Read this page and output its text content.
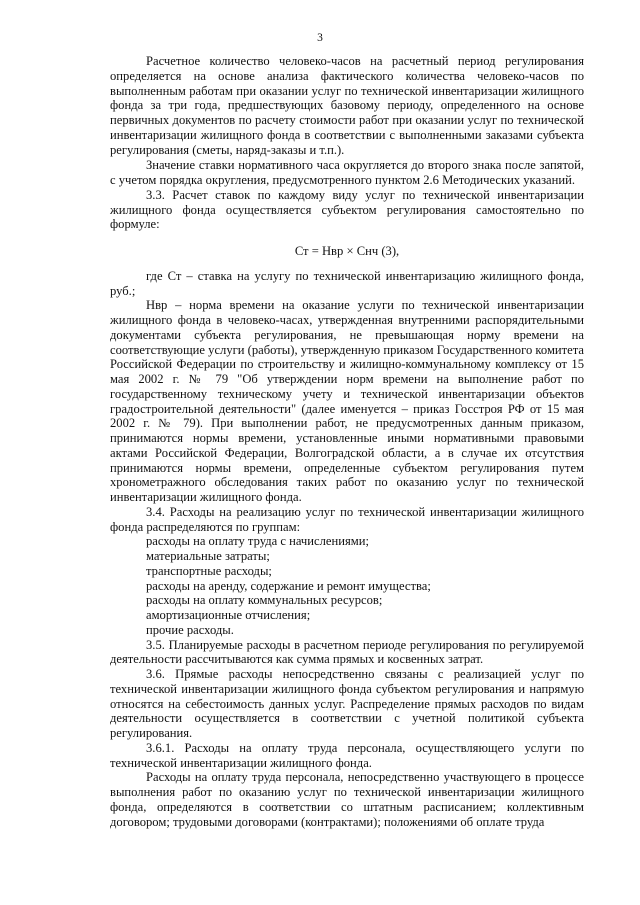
3

Расчетное количество человеко-часов на расчетный период регулирования определяется на основе анализа фактического количества человеко-часов по выполненным работам при оказании услуг по технической инвентаризации жилищного фонда за три года, предшествующих базовому периоду, определенного на основе первичных документов по расчету стоимости работ при оказании услуг по технической инвентаризации жилищного фонда в соответствии с выполненными заказами субъекта регулирования (сметы, наряд-заказы и т.п.).

Значение ставки нормативного часа округляется до второго знака после запятой, с учетом порядка округления, предусмотренного пунктом 2.6 Методических указаний.

3.3. Расчет ставок по каждому виду услуг по технической инвентаризации жилищного фонда осуществляется субъектом регулирования самостоятельно по формуле:

Ст = Нвр × Снч (3),

где Ст – ставка на услугу по технической инвентаризацию жилищного фонда, руб.;

Нвр – норма времени на оказание услуги по технической инвентаризации жилищного фонда в человеко-часах, утвержденная внутренними распорядительными документами субъекта регулирования, не превышающая норму времени на соответствующие услуги (работы), утвержденную приказом Государственного комитета Российской Федерации по строительству и жилищно-коммунальному комплексу от 15 мая 2002 г. № 79 "Об утверждении норм времени на выполнение работ по государственному техническому учету и технической инвентаризации объектов градостроительной деятельности" (далее именуется – приказ Госстроя РФ от 15 мая 2002 г. № 79). При выполнении работ, не предусмотренных данным приказом, принимаются нормы времени, установленные иными нормативными правовыми актами Российской Федерации, Волгоградской области, а в случае их отсутствия принимаются нормы времени, определенные субъектом регулирования путем хронометражного обследования таких работ по оказанию услуг по технической инвентаризации жилищного фонда.

3.4. Расходы на реализацию услуг по технической инвентаризации жилищного фонда распределяются по группам:

расходы на оплату труда с начислениями;

материальные затраты;

транспортные расходы;

расходы на аренду, содержание и ремонт имущества;

расходы на оплату коммунальных ресурсов;

амортизационные отчисления;

прочие расходы.

3.5. Планируемые расходы в расчетном периоде регулирования по регулируемой деятельности рассчитываются как сумма прямых и косвенных затрат.

3.6. Прямые расходы непосредственно связаны с реализацией услуг по технической инвентаризации жилищного фонда субъектом регулирования и напрямую относятся на себестоимость данных услуг. Распределение прямых расходов по видам деятельности осуществляется в соответствии с учетной политикой субъекта регулирования.

3.6.1. Расходы на оплату труда персонала, осуществляющего услуги по технической инвентаризации жилищного фонда.

Расходы на оплату труда персонала, непосредственно участвующего в процессе выполнения работ по оказанию услуг по технической инвентаризации жилищного фонда, определяются в соответствии со штатным расписанием; коллективным договором; трудовыми договорами (контрактами); положениями об оплате труда
